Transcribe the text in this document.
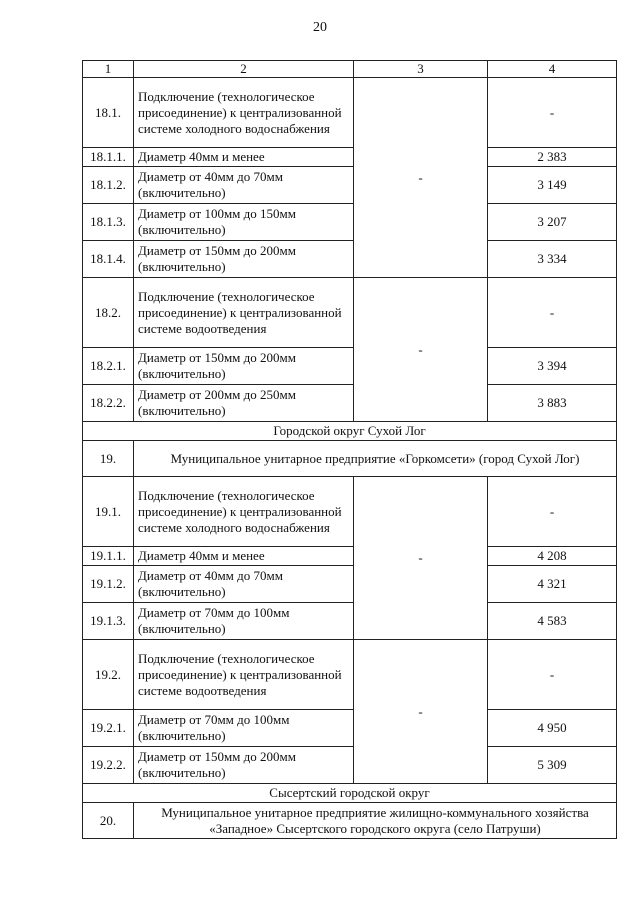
20
1	2	3	4
18.1.	Подключение (технологическое присоединение) к централизованной системе холодного водоснабжения	-	-
18.1.1.	Диаметр 40мм и менее		2 383
18.1.2.	Диаметр от 40мм до 70мм (включительно)		3 149
18.1.3.	Диаметр от 100мм до 150мм (включительно)		3 207
18.1.4.	Диаметр от 150мм до 200мм (включительно)		3 334
18.2.	Подключение (технологическое присоединение) к централизованной системе водоотведения	-	-
18.2.1.	Диаметр от 150мм до 200мм (включительно)		3 394
18.2.2.	Диаметр от 200мм до 250мм (включительно)		3 883
Городской округ Сухой Лог			
19.	Муниципальное унитарное предприятие «Горкомсети» (город Сухой Лог)		
19.1.	Подключение (технологическое присоединение) к централизованной системе холодного водоснабжения	-	-
19.1.1.	Диаметр 40мм и менее		4 208
19.1.2.	Диаметр от 40мм до 70мм (включительно)		4 321
19.1.3.	Диаметр от 70мм до 100мм (включительно)		4 583
19.2.	Подключение (технологическое присоединение) к централизованной системе водоотведения	-	-
19.2.1.	Диаметр от 70мм до 100мм (включительно)		4 950
19.2.2.	Диаметр от 150мм до 200мм (включительно)		5 309
Сысертский городской округ			
20.	Муниципальное унитарное предприятие жилищно-коммунального хозяйства «Западное» Сысертского городского округа (село Патруши)		
